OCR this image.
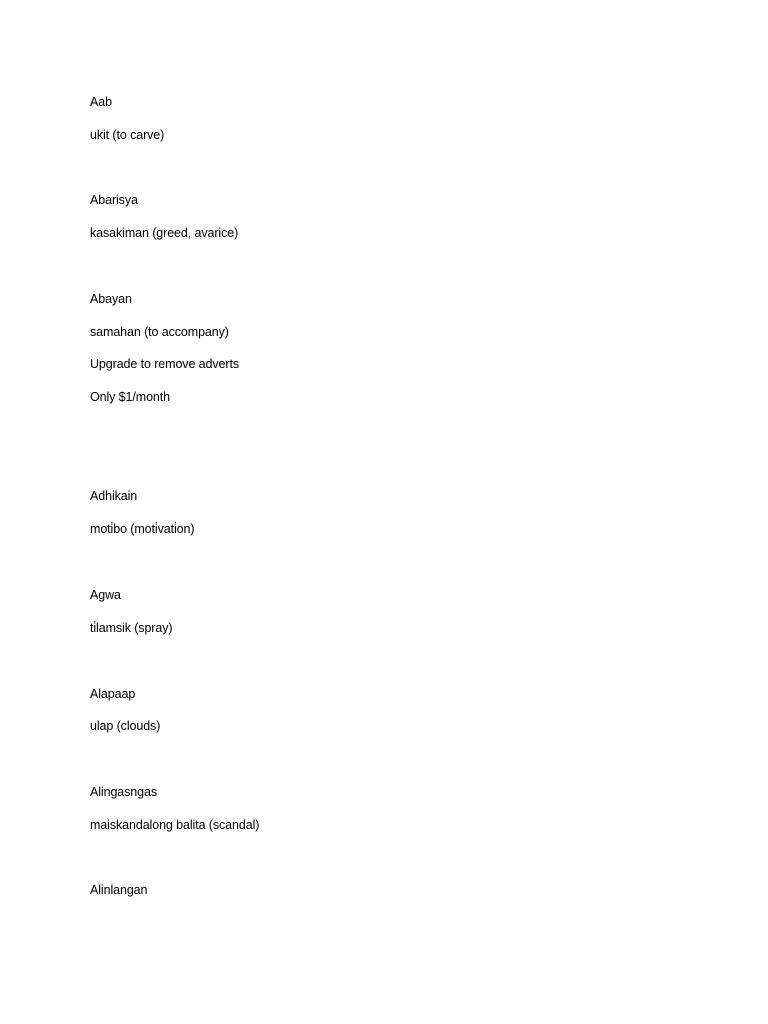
Aab
ukit (to carve)
Abarisya
kasakiman (greed, avarice)
Abayan
samahan (to accompany)
Upgrade to remove adverts
Only $1/month
Adhikain
moti̇bo (moti̇vati̇on)
Agwa
ti̇lamsik (spray)
Alapaap
ulap (clouds)
Alingasngas
maiskandalong balita (scandal)
Alinlangan
